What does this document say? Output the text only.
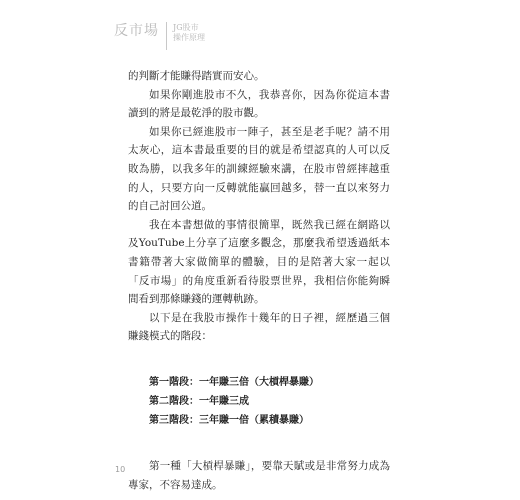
反市場 JG股市
操作原理

的判斷才能賺得踏實而安心。

如果你剛進股市不久，我恭喜你，因為你從這本書讀到的將是最乾淨的股市觀。

如果你已經進股市一陣子，甚至是老手呢？請不用太灰心，這本書最重要的目的就是希望認真的人可以反敗為勝，以我多年的訓練經驗來講，在股市曾經摔越重的人，只要方向一反轉就能贏回越多，替一直以來努力的自己討回公道。

我在本書想做的事情很簡單，既然我已經在網路以及YouTube上分享了這麼多觀念，那麼我希望透過紙本書籍帶著大家做簡單的體驗，目的是陪著大家一起以「反市場」的角度重新看待股票世界，我相信你能夠瞬間看到那條賺錢的運轉軌跡。

以下是在我股市操作十幾年的日子裡，經歷過三個賺錢模式的階段：

第一階段：一年賺三倍（大槓桿暴賺）

第二階段：一年賺三成

第三階段：三年賺一倍（累積暴賺）

第一種「大槓桿暴賺」，要靠天賦或是非常努力成為專家，不容易達成。

10
